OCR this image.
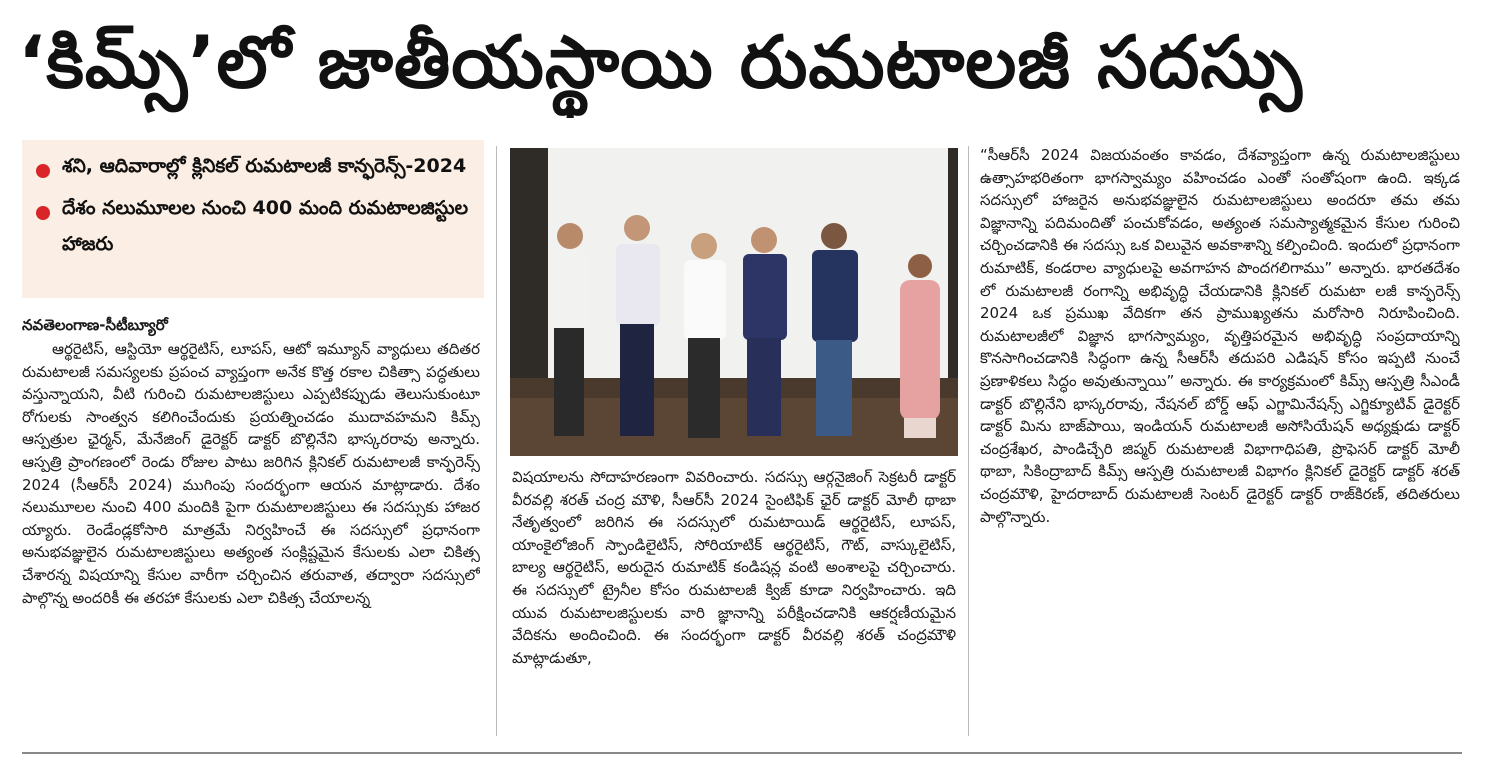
‘కిమ్స్’లో జాతీయస్థాయి రుమటాలజీ సదస్సు
శని, ఆదివారాల్లో క్లినికల్ రుమటాలజీ కాన్ఫరెన్స్-2024
దేశం నలుమూలల నుంచి 400 మంది రుమటాలజిస్టుల హాజరు
నవతెలంగాణ-సీటీబ్యూరో

ఆర్థరైటిస్, ఆస్టియో ఆర్థరైటిస్, లూపస్, ఆటో ఇమ్యూన్ వ్యాధులు తదితర రుమటాలజీ సమస్యలకు ప్రపంచ వ్యాప్తంగా అనేక కొత్త రకాల చికిత్సా పద్ధతులు వస్తున్నాయని, వీటి గురించి రుమటాలజిస్టులు ఎప్పటికప్పుడు తెలుసుకుంటూ రోగులకు సాంత్వన కలిగించేందుకు ప్రయత్నించడం ముదావహమని కిమ్స్ ఆస్పత్రుల ఛైర్మన్, మేనేజింగ్ డైరెక్టర్ డాక్టర్ బొల్లినేని భాస్కరరావు అన్నారు. ఆస్పత్రి ప్రాంగణంలో రెండు రోజుల పాటు జరిగిన క్లినికల్ రుమటాలజీ కాన్ఫరెన్స్ 2024 (సీఆర్‌సీ 2024) ముగింపు సందర్భంగా ఆయన మాట్లాడారు. దేశం నలుమూలల నుంచి 400 మందికి పైగా రుమటాలజిస్టులు ఈ సదస్సుకు హాజర య్యారు. రెండేండ్లకోసారి మాత్రమే నిర్వహించే ఈ సదస్సులో ప్రధానంగా అనుభవజ్ఞులైన రుమటాలజిస్టులు అత్యంత సంక్లిష్టమైన కేసులకు ఎలా చికిత్స చేశారన్న విషయాన్ని కేసుల వారీగా చర్చించిన తరువాత, తద్వారా సదస్సులో పాల్గొన్న అందరికీ ఈ తరహా కేసులకు ఎలా చికిత్స చేయాలన్న

విషయాలను సోదాహరణంగా వివరించారు. సదస్సు ఆర్గనైజింగ్ సెక్రటరీ డాక్టర్ వీరవల్లి శరత్ చంద్ర మౌళి, సీఆర్‌సీ 2024 సైంటిఫిక్ ఛైర్ డాక్టర్ మోలీ థాబా నేతృత్వంలో జరిగిన ఈ సదస్సులో రుమటాయిడ్ ఆర్థరైటిస్, లూపస్, యాంకైలోజింగ్ స్పాండిలైటిస్, సోరియాటిక్ ఆర్థరైటిస్, గౌట్, వాస్కులైటిస్, బాల్య ఆర్థరైటిస్, అరుదైన రుమాటిక్ కండిషన్ల వంటి అంశాలపై చర్చించారు. ఈ సదస్సులో ట్రైనీల కోసం రుమటాలజీ క్విజ్ కూడా నిర్వహించారు. ఇది యువ రుమటాలజిస్టులకు వారి జ్ఞానాన్ని పరీక్షించడానికి ఆకర్షణీయమైన వేదికను అందించింది. ఈ సందర్భంగా డాక్టర్ వీరవల్లి శరత్ చంద్రమౌళి మాట్లాడుతూ,

“సీఆర్‌సీ 2024 విజయవంతం కావడం, దేశవ్యాప్తంగా ఉన్న రుమటాలజిస్టులు ఉత్సాహభరితంగా భాగస్వామ్యం వహించడం ఎంతో సంతోషంగా ఉంది. ఇక్కడ సదస్సులో హాజరైన అనుభవజ్ఞులైన రుమటాలజిస్టులు అందరూ తమ తమ విజ్ఞానాన్ని పదిమందితో పంచుకోవడం, అత్యంత సమస్యాత్మకమైన కేసుల గురించి చర్చించడానికి ఈ సదస్సు ఒక విలువైన అవకాశాన్ని కల్పించింది. ఇందులో ప్రధానంగా రుమాటిక్, కండరాల వ్యాధులపై అవగాహన పొందగలిగాము” అన్నారు. భారతదేశం లో రుమటాలజీ రంగాన్ని అభివృద్ధి చేయడానికి క్లినికల్ రుమటా లజీ కాన్ఫరెన్స్ 2024 ఒక ప్రముఖ వేదికగా తన ప్రాముఖ్యతను మరోసారి నిరూపించింది. రుమటాలజీలో విజ్ఞాన భాగస్వామ్యం, వృత్తిపరమైన అభివృద్ధి సంప్రదాయాన్ని కొనసాగించడానికి సిద్ధంగా ఉన్న సీఆర్‌సీ తదుపరి ఎడిషన్ కోసం ఇప్పటి నుంచే ప్రణాళికలు సిద్ధం అవుతున్నాయి” అన్నారు. ఈ కార్యక్రమంలో కిమ్స్ ఆస్పత్రి సీఎండీ డాక్టర్ బొల్లినేని భాస్కరరావు, నేషనల్ బోర్డ్ ఆఫ్ ఎగ్జామినేషన్స్ ఎగ్జిక్యూటివ్ డైరెక్టర్ డాక్టర్ మిను బాజ్‌పాయి, ఇండియన్ రుమటాలజీ అసోసియేషన్ అధ్యక్షుడు డాక్టర్ చంద్రశేఖర, పాండిచ్చేరి జిప్మర్ రుమటాలజీ విభాగాధిపతి, ప్రొఫెసర్ డాక్టర్ మోలీ థాబా, సికింద్రాబాద్ కిమ్స్ ఆస్పత్రి రుమటాలజీ విభాగం క్లినికల్ డైరెక్టర్ డాక్టర్ శరత్ చంద్రమౌళి, హైదరాబాద్ రుమటాలజీ సెంటర్ డైరెక్టర్ డాక్టర్ రాజ్‌కిరణ్, తదితరులు పాల్గొన్నారు.
